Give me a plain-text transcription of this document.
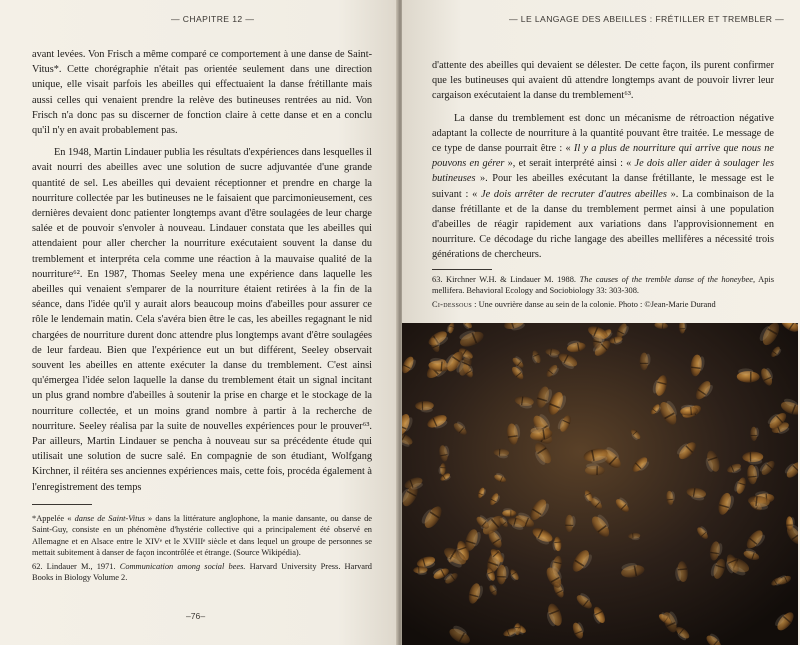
— CHAPITRE 12 —

avant levées. Von Frisch a même comparé ce comportement à une danse de Saint-Vitus*. Cette chorégraphie n'était pas orientée seulement dans une direction unique, elle visait parfois les abeilles qui effectuaient la danse frétillante mais aussi celles qui venaient prendre la relève des butineuses rentrées au nid. Von Frisch n'a donc pas su discerner de fonction claire à cette danse et en a conclu qu'il n'y en avait probablement pas.

En 1948, Martin Lindauer publia les résultats d'expériences dans lesquelles il avait nourri des abeilles avec une solution de sucre adjuvantée d'une grande quantité de sel. Les abeilles qui devaient réceptionner et prendre en charge la nourriture collectée par les butineuses ne le faisaient que parcimonieusement, ces dernières devaient donc patienter longtemps avant d'être soulagées de leur charge salée et de pouvoir s'envoler à nouveau. Lindauer constata que les abeilles qui attendaient pour aller chercher la nourriture exécutaient souvent la danse du tremblement et interpréta cela comme une réaction à la mauvaise qualité de la nourriture⁶². En 1987, Thomas Seeley mena une expérience dans laquelle les abeilles qui venaient s'emparer de la nourriture étaient retirées à la fin de la séance, dans l'idée qu'il y aurait alors beaucoup moins d'abeilles pour assurer ce rôle le lendemain matin. Cela s'avéra bien être le cas, les abeilles regagnant le nid chargées de nourriture durent donc attendre plus longtemps avant d'être soulagées de leur fardeau. Bien que l'expérience eut un but différent, Seeley observait souvent les abeilles en attente exécuter la danse du tremblement. C'est ainsi qu'émergea l'idée selon laquelle la danse du tremblement était un signal incitant un plus grand nombre d'abeilles à soutenir la prise en charge et le stockage de la nourriture collectée, et un moins grand nombre à partir à la recherche de nourriture. Seeley réalisa par la suite de nouvelles expériences pour le prouver⁶³. Par ailleurs, Martin Lindauer se pencha à nouveau sur sa précédente étude qui utilisait une solution de sucre salé. En compagnie de son étudiant, Wolfgang Kirchner, il réitéra ses anciennes expériences mais, cette fois, procéda également à l'enregistrement des temps

*Appelée « danse de Saint-Vitus » dans la littérature anglophone, la manie dansante, ou danse de Saint-Guy, consiste en un phénomène d'hystérie collective qui a principalement été observé en Allemagne et en Alsace entre le XIVᵉ et le XVIIIᵉ siècle et dans lequel un groupe de personnes se mettait subitement à danser de façon incontrôlée et étrange. (Source Wikipédia).

62. Lindauer M., 1971. Communication among social bees. Harvard University Press. Harvard Books in Biology Volume 2.

–76–
— LE LANGAGE DES ABEILLES : FRÉTILLER ET TREMBLER —

d'attente des abeilles qui devaient se délester. De cette façon, ils purent confirmer que les butineuses qui avaient dû attendre longtemps avant de pouvoir livrer leur cargaison exécutaient la danse du tremblement⁶³.

La danse du tremblement est donc un mécanisme de rétroaction négative adaptant la collecte de nourriture à la quantité pouvant être traitée. Le message de ce type de danse pourrait être : « Il y a plus de nourriture qui arrive que nous ne pouvons en gérer », et serait interprété ainsi : « Je dois aller aider à soulager les butineuses ». Pour les abeilles exécutant la danse frétillante, le message est le suivant : « Je dois arrêter de recruter d'autres abeilles ». La combinaison de la danse frétillante et de la danse du tremblement permet ainsi à une population d'abeilles de réagir rapidement aux variations dans l'approvisionnement en nourriture. Ce décodage du riche langage des abeilles mellifères a nécessité trois générations de chercheurs.

63. Kirchner W.H. & Lindauer M. 1988. The causes of the tremble danse of the honeybee, Apis mellifera. Behavioral Ecology and Sociobiology 33: 303-308.

Ci-dessous : Une ouvrière danse au sein de la colonie. Photo : ©Jean-Marie Durand
